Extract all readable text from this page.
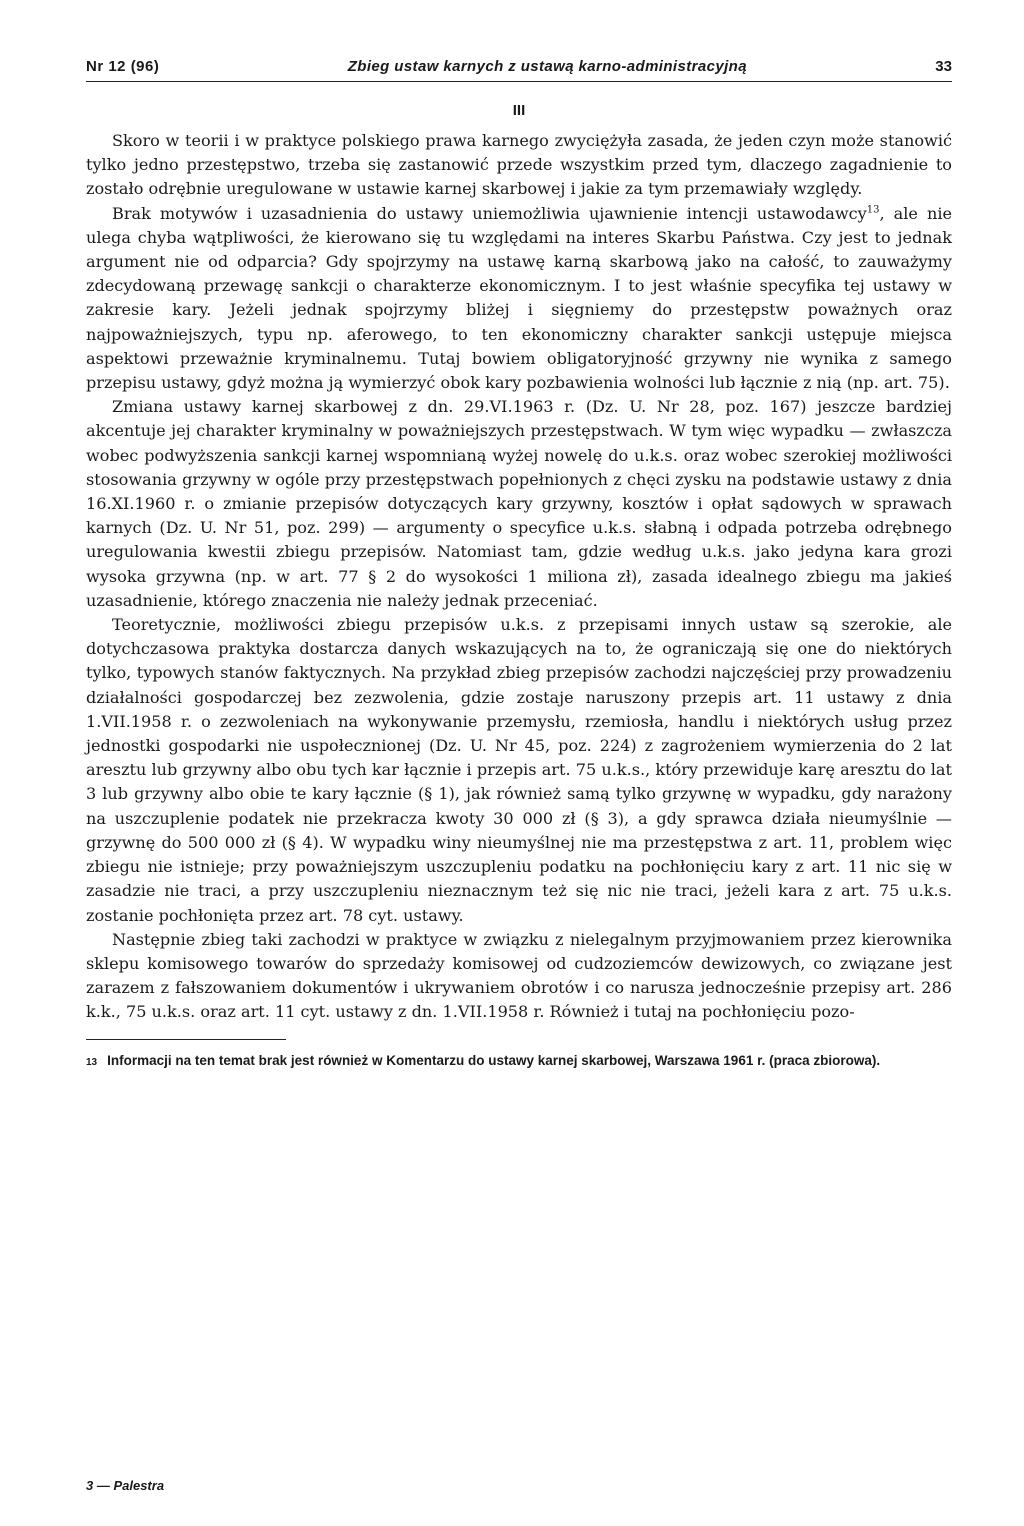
Nr 12 (96)	Zbieg ustaw karnych z ustawą karno-administracyjną	33
III

Skoro w teorii i w praktyce polskiego prawa karnego zwyciężyła zasada, że jeden czyn może stanowić tylko jedno przestępstwo, trzeba się zastanowić przede wszystkim przed tym, dlaczego zagadnienie to zostało odrębnie uregulowane w ustawie karnej skarbowej i jakie za tym przemawiały względy.

Brak motywów i uzasadnienia do ustawy uniemożliwia ujawnienie intencji ustawodawcy$^{13}$, ale nie ulega chyba wątpliwości, że kierowano się tu względami na interes Skarbu Państwa. Czy jest to jednak argument nie od odparcia? Gdy spojrzymy na ustawę karną skarbową jako na całość, to zauważymy zdecydowaną przewagę sankcji o charakterze ekonomicznym. I to jest właśnie specyfika tej ustawy w zakresie kary. Jeżeli jednak spojrzymy bliżej i sięgniemy do przestępstw poważnych oraz najpoważniejszych, typu np. aferowego, to ten ekonomiczny charakter sankcji ustępuje miejsca aspektowi przeważnie kryminalnemu. Tutaj bowiem obligatoryjność grzywny nie wynika z samego przepisu ustawy, gdyż można ją wymierzyć obok kary pozbawienia wolności lub łącznie z nią (np. art. 75).

Zmiana ustawy karnej skarbowej z dn. 29.VI.1963 r. (Dz. U. Nr 28, poz. 167) jeszcze bardziej akcentuje jej charakter kryminalny w poważniejszych przestępstwach. W tym więc wypadku — zwłaszcza wobec podwyższenia sankcji karnej wspomnianą wyżej nowelę do u.k.s. oraz wobec szerokiej możliwości stosowania grzywny w ogóle przy przestępstwach popełnionych z chęci zysku na podstawie ustawy z dnia 16.XI.1960 r. o zmianie przepisów dotyczących kary grzywny, kosztów i opłat sądowych w sprawach karnych (Dz. U. Nr 51, poz. 299) — argumenty o specyfice u.k.s. słabną i odpada potrzeba odrębnego uregulowania kwestii zbiegu przepisów. Natomiast tam, gdzie według u.k.s. jako jedyna kara grozi wysoka grzywna (np. w art. 77 § 2 do wysokości 1 miliona zł), zasada idealnego zbiegu ma jakieś uzasadnienie, którego znaczenia nie należy jednak przeceniać.

Teoretycznie, możliwości zbiegu przepisów u.k.s. z przepisami innych ustaw są szerokie, ale dotychczasowa praktyka dostarcza danych wskazujących na to, że ograniczają się one do niektórych tylko, typowych stanów faktycznych. Na przykład zbieg przepisów zachodzi najczęściej przy prowadzeniu działalności gospodarczej bez zezwolenia, gdzie zostaje naruszony przepis art. 11 ustawy z dnia 1.VII.1958 r. o zezwoleniach na wykonywanie przemysłu, rzemiosła, handlu i niektórych usług przez jednostki gospodarki nie uspołecznionej (Dz. U. Nr 45, poz. 224) z zagrożeniem wymierzenia do 2 lat aresztu lub grzywny albo obu tych kar łącznie i przepis art. 75 u.k.s., który przewiduje karę aresztu do lat 3 lub grzywny albo obie te kary łącznie (§ 1), jak również samą tylko grzywnę w wypadku, gdy narażony na uszczuplenie podatek nie przekracza kwoty 30 000 zł (§ 3), a gdy sprawca działa nieumyślnie — grzywnę do 500 000 zł (§ 4). W wypadku winy nieumyślnej nie ma przestępstwa z art. 11, problem więc zbiegu nie istnieje; przy poważniejszym uszczupleniu podatku na pochłonięciu kary z art. 11 nic się w zasadzie nie traci, a przy uszczupleniu nieznacznym też się nic nie traci, jeżeli kara z art. 75 u.k.s. zostanie pochłonięta przez art. 78 cyt. ustawy.

Następnie zbieg taki zachodzi w praktyce w związku z nielegalnym przyjmowaniem przez kierownika sklepu komisowego towarów do sprzedaży komisowej od cudzoziemców dewizowych, co związane jest zarazem z fałszowaniem dokumentów i ukrywaniem obrotów i co narusza jednocześnie przepisy art. 286 k.k., 75 u.k.s. oraz art. 11 cyt. ustawy z dn. 1.VII.1958 r. Również i tutaj na pochłonięciu pozo-

13 Informacji na ten temat brak jest również w Komentarzu do ustawy karnej skarbowej, Warszawa 1961 r. (praca zbiorowa).
3 — Palestra
